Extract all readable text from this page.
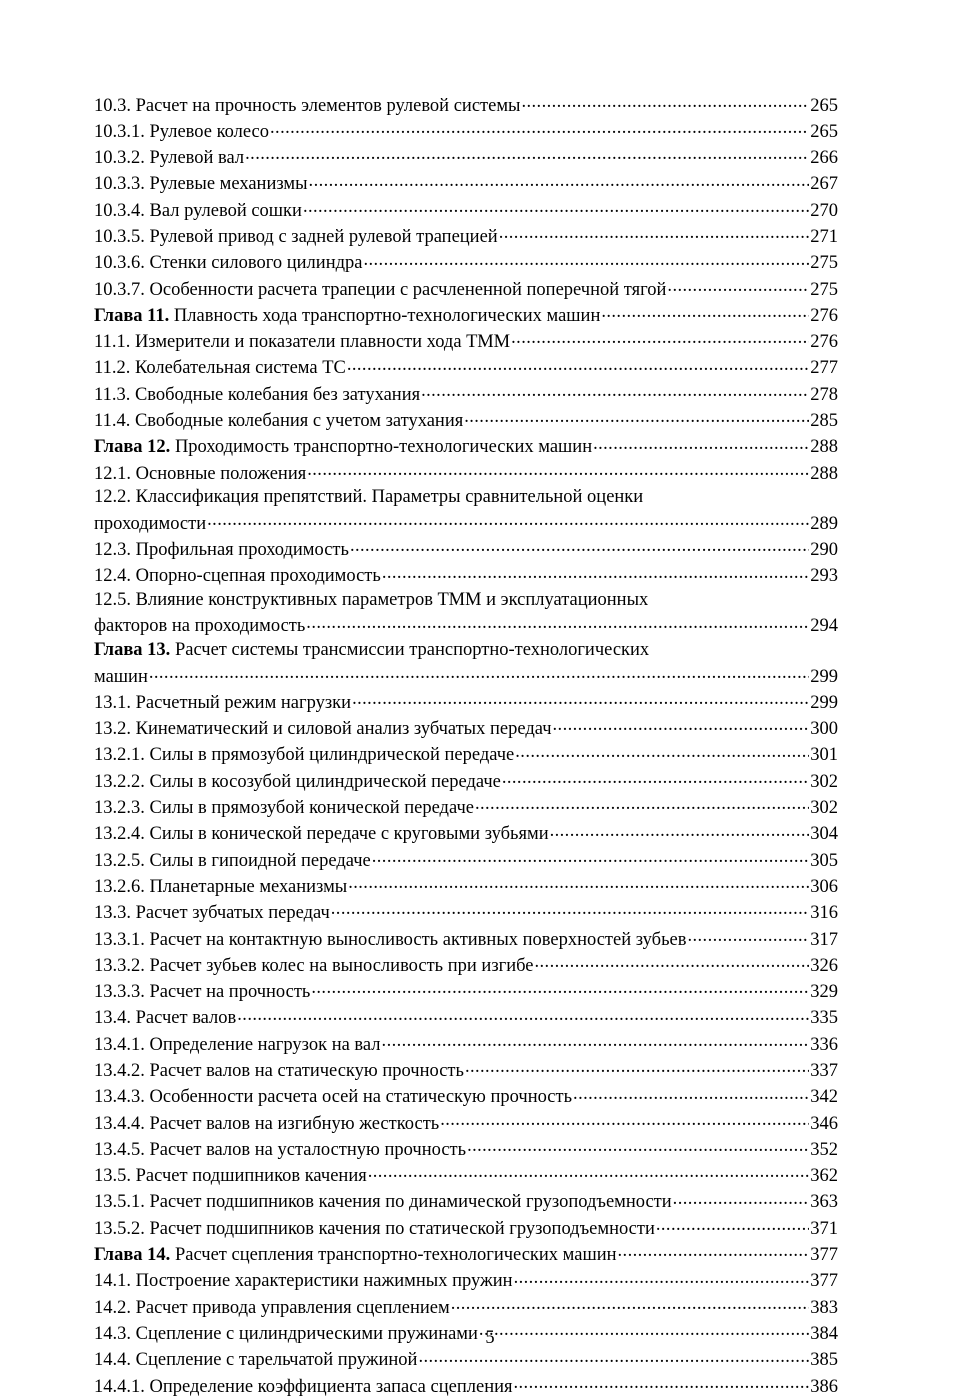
10.3. Расчет на прочность элементов рулевой системы .....	265
10.3.1. Рулевое колесо .....	265
10.3.2. Рулевой вал .....	266
10.3.3. Рулевые механизмы .....	267
10.3.4. Вал рулевой сошки .....	270
10.3.5. Рулевой привод с задней рулевой трапецией .....	271
10.3.6. Стенки силового цилиндра .....	275
10.3.7. Особенности расчета трапеции с расчлененной поперечной тягой .....	275
Глава 11. Плавность хода транспортно-технологических машин .....	276
11.1. Измерители и показатели плавности хода ТММ .....	276
11.2. Колебательная система ТС .....	277
11.3. Свободные колебания без затухания .....	278
11.4. Свободные колебания с учетом затухания .....	285
Глава 12. Проходимость транспортно-технологических машин .....	288
12.1. Основные положения .....	288
12.2. Классификация препятствий. Параметры сравнительной оценки
проходимости .....	289
12.3. Профильная проходимость .....	290
12.4. Опорно-сцепная проходимость .....	293
12.5. Влияние конструктивных параметров ТММ и эксплуатационных
факторов на проходимость .....	294
Глава 13. Расчет системы трансмиссии транспортно-технологических
машин .....	299
13.1. Расчетный режим нагрузки .....	299
13.2. Кинематический и силовой анализ зубчатых передач .....	300
13.2.1. Силы в прямозубой цилиндрической передаче .....	301
13.2.2. Силы в косозубой цилиндрической передаче .....	302
13.2.3. Силы в прямозубой конической передаче .....	302
13.2.4. Силы в конической передаче с круговыми зубьями .....	304
13.2.5. Силы в гипоидной передаче .....	305
13.2.6. Планетарные механизмы .....	306
13.3. Расчет зубчатых передач .....	316
13.3.1. Расчет на контактную выносливость активных поверхностей зубьев .....	317
13.3.2. Расчет зубьев колес на выносливость при изгибе .....	326
13.3.3. Расчет на прочность .....	329
13.4. Расчет валов .....	335
13.4.1. Определение нагрузок на вал .....	336
13.4.2. Расчет валов на статическую прочность .....	337
13.4.3. Особенности расчета осей на статическую прочность .....	342
13.4.4. Расчет валов на изгибную жесткость .....	346
13.4.5. Расчет валов на усталостную прочность .....	352
13.5. Расчет подшипников качения .....	362
13.5.1. Расчет подшипников качения по динамической грузоподъемности .....	363
13.5.2. Расчет подшипников качения по статической грузоподъемности .....	371
Глава 14. Расчет сцепления транспортно-технологических машин .....	377
14.1. Построение характеристики нажимных пружин .....	377
14.2. Расчет привода управления сцеплением .....	383
14.3. Сцепление с цилиндрическими пружинами .....	384
14.4. Сцепление с тарельчатой пружиной .....	385
14.4.1. Определение коэффициента запаса сцепления .....	386
5
